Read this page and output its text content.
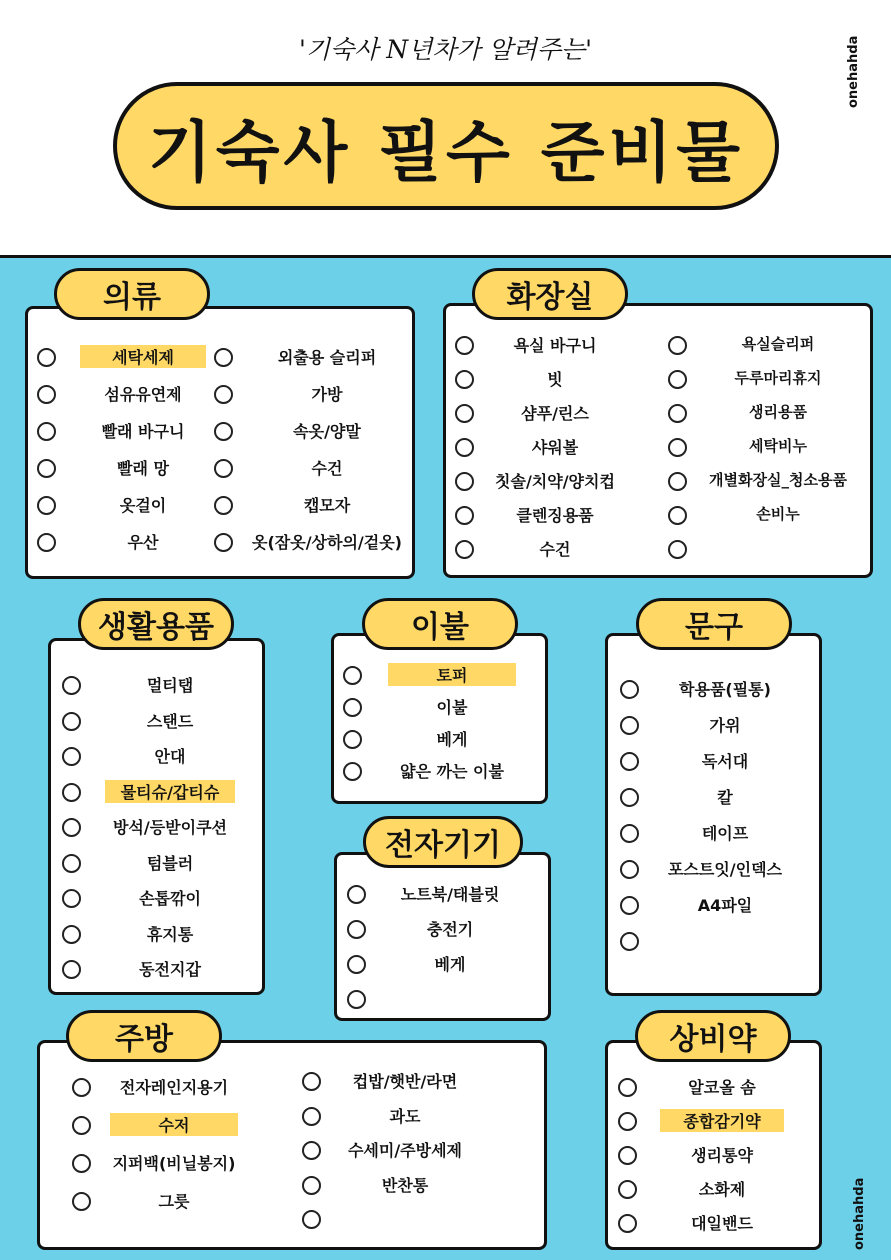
'기숙사 N년차가 알려주는'
기숙사 필수 준비물
onehahda
의류	화장실
생활용품	이불
전자기기
문구
주방	상비약
onehahda
세탁세제
섬유유연제
빨래 바구니
빨래 망
옷걸이
우산
외출용 슬리퍼
가방
속옷/양말
수건
캡모자
옷(잠옷/상하의/겉옷)
욕실 바구니
빗
샴푸/린스
샤워볼
칫솔/치약/양치컵
클렌징용품
수건
욕실슬리퍼
두루마리휴지
생리용품
세탁비누
개별화장실_청소용품
손비누
멀티탭
스탠드
안대
물티슈/갑티슈
방석/등받이쿠션
텀블러
손톱깎이
휴지통
동전지갑
토퍼
이불
베게
얇은 까는 이불
노트북/태블릿
충전기
베게
학용품(필통)
가위
독서대
칼
테이프
포스트잇/인덱스
A4파일
전자레인지용기
수저
지퍼백(비닐봉지)
그릇
컵밥/햇반/라면
과도
수세미/주방세제
반찬통
알코올 솜
종합감기약
생리통약
소화제
대일밴드
